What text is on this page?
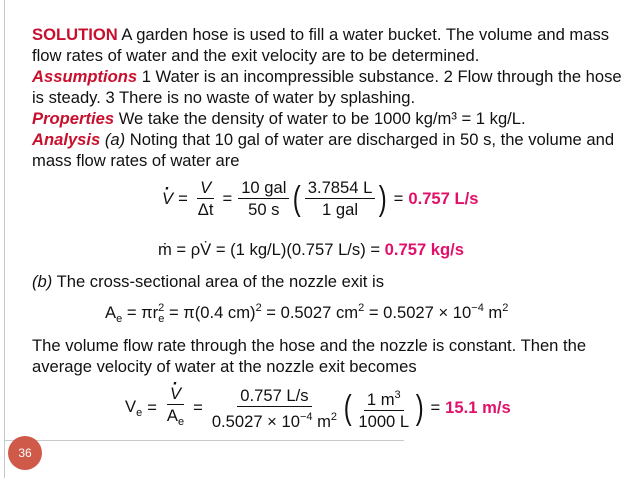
36

SOLUTION A garden hose is used to fill a water bucket. The volume and mass flow rates of water and the exit velocity are to be determined.

Assumptions 1 Water is an incompressible substance. 2 Flow through the hose is steady. 3 There is no waste of water by splashing.

Properties We take the density of water to be 1000 kg/m³ = 1 kg/L.

Analysis (a) Noting that 10 gal of water are discharged in 50 s, the volume and mass flow rates of water are

· $V = \frac{V}{\Delta t} = \frac{\text{10 gal}}{50 s}$ ( $\frac{3.7854 L}{\text{1 gal}}$ ) = 0.757 L/s
ṁ = ρV̇ = (1 kg/L)(0.757 L/s) = 0.757 kg/s
(b) The cross-sectional area of the nozzle exit is
$A_e = \pi r^2_e = \pi(0.4$ cm)$^2$ = 0.5027 $cm^2 = 0.5027 \times 10^{-4}$ $m^2$
The volume flow rate through the hose and the nozzle is constant. Then the average velocity of water at the nozzle exit becomes
$V_e$ =
· $\frac{V}{A_e} = \frac{0.757 L/s}{0.5027 \times 10^{-4} m^2}$ ( $\frac{1 m^3}{1000 L}$ ) = 15.1 m/s
